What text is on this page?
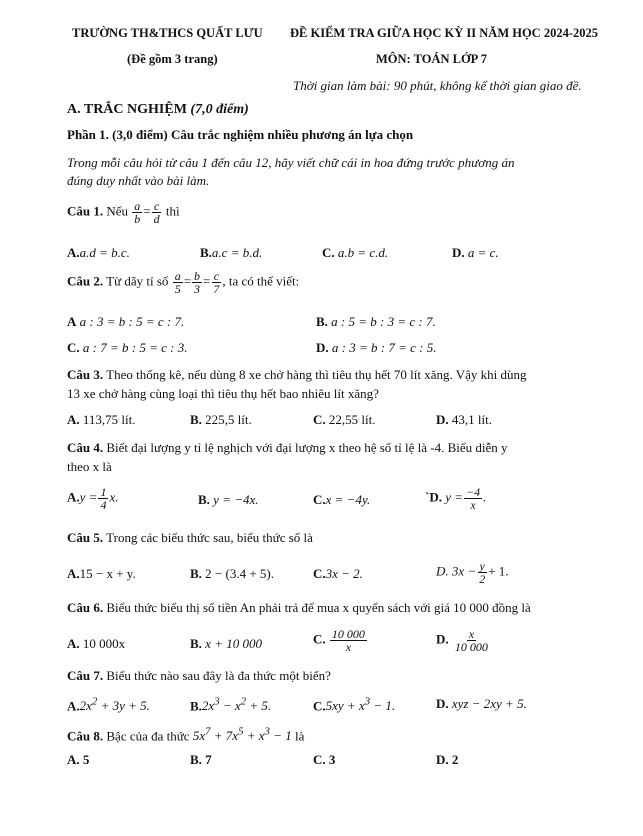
TRƯỜNG TH&THCS QUẤT LƯU
(Đề gồm 3 trang)
ĐỀ KIỂM TRA GIỮA HỌC KỲ II NĂM HỌC 2024-2025
MÔN: TOÁN LỚP 7
Thời gian làm bài: 90 phút, không kể thời gian giao đề.
A. TRẮC NGHIỆM (7,0 điểm)
Phần 1. (3,0 điểm) Câu trắc nghiệm nhiều phương án lựa chọn
Trong mỗi câu hỏi từ câu 1 đến câu 12, hãy viết chữ cái in hoa đứng trước phương án
đúng duy nhất vào bài làm.
Câu 1. Nếu $\frac{a}{b} = \frac{c}{d}$ thì
A.a.d = b.c.	B.a.c = b.d.	C. a.b = c.d.	D. a = c.
Câu 2. Từ dãy tỉ số $\frac{a}{5} = \frac{b}{3} = \frac{c}{7}$ , ta có thể viết:
A a : 3 = b : 5 = c : 7.	B. a : 5 = b : 3 = c : 7.
C. a : 7 = b : 5 = c : 3.	D. a : 3 = b : 7 = c : 5.
Câu 3. Theo thống kê, nếu dùng 8 xe chở hàng thì tiêu thụ hết 70 lít xăng. Vậy khi dùng
13 xe chở hàng cùng loại thì tiêu thụ hết bao nhiêu lít xăng?
A. 113,75 lít.	B. 225,5 lít.	C. 22,55 lít.	D. 43,1 lít.
Câu 4. Biết đại lượng y tỉ lệ nghịch với đại lượng x theo hệ số tỉ lệ là -4. Biểu diễn y
theo x là
$A.y = \frac{1}{4} x$.	B. y = −4x.	C.x = −4y.	`D. $y = \frac{-4}{x}$ .
Câu 5. Trong các biểu thức sau, biểu thức số là
A.15 − x + y.	B. 2 − (3.4 + 5).	C.3x − 2.	D. $3x - \frac{y}{2} + 1$.
Câu 6. Biểu thức biểu thị số tiền An phải trả để mua x quyển sách với giá 10 000 đồng là
A. 10 000x	B. x + 10 000	C. $\frac{10 000}{x}$	D. $\frac{x}{10 000}$
Câu 7. Biểu thức nào sau đây là đa thức một biến?
$A.2x^2 + 3y + 5$.	$B.2x^3 - x^2 + 5$.	$C.5xy + x^3 - 1$.	D. xyz − 2xy + 5.
Câu 8. Bậc của đa thức $5x^7 + 7x^5 + x^3 - 1$ là
A. 5	B. 7	C. 3	D. 2
